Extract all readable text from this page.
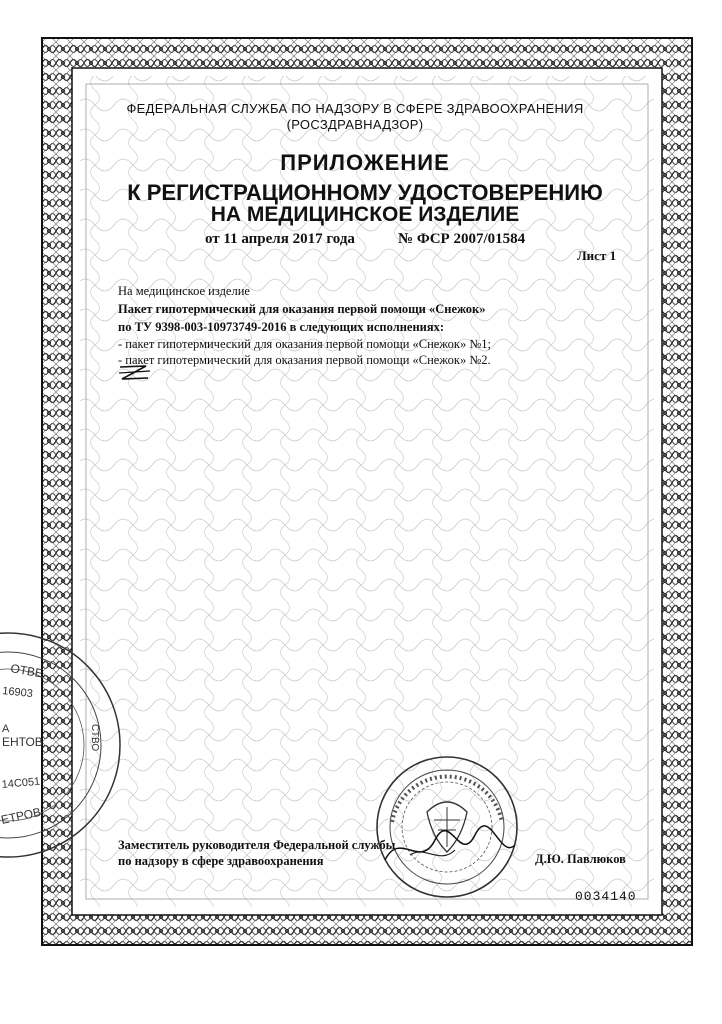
ФЕДЕРАЛЬНАЯ СЛУЖБА ПО НАДЗОРУ В СФЕРЕ ЗДРАВООХРАНЕНИЯ
(РОСЗДРАВНАДЗОР)
ПРИЛОЖЕНИЕ
К РЕГИСТРАЦИОННОМУ УДОСТОВЕРЕНИЮ
НА МЕДИЦИНСКОЕ ИЗДЕЛИЕ
от 11 апреля 2017 года	№ ФСР 2007/01584
Лист 1
На медицинское изделие
Пакет гипотермический для оказания первой помощи «Снежок»
по ТУ 9398-003-10973749-2016 в следующих исполнениях:
- пакет гипотермический для оказания первой помощи «Снежок» №1;
- пакет гипотермический для оказания первой помощи «Снежок» №2.
ОТВЕ
16903
ЕНТОВ
14С051
ЕТРОВ
СТВО
А
Заместитель руководителя Федеральной службы
по надзору в сфере здравоохранения	Д.Ю. Павлюков
0034140
